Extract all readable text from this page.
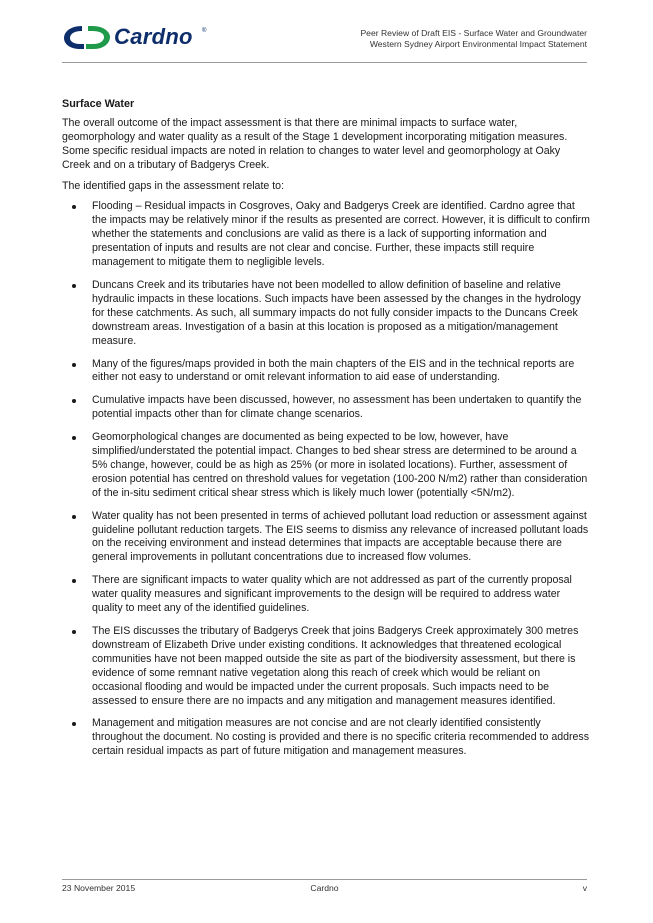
Cardno ®	Peer Review of Draft EIS - Surface Water and Groundwater
Western Sydney Airport Environmental Impact Statement
Surface Water

The overall outcome of the impact assessment is that there are minimal impacts to surface water, geomorphology and water quality as a result of the Stage 1 development incorporating mitigation measures. Some specific residual impacts are noted in relation to changes to water level and geomorphology at Oaky Creek and on a tributary of Badgerys Creek.

The identified gaps in the assessment relate to:

Flooding – Residual impacts in Cosgroves, Oaky and Badgerys Creek are identified. Cardno agree that the impacts may be relatively minor if the results as presented are correct. However, it is difficult to confirm whether the statements and conclusions are valid as there is a lack of supporting information and presentation of inputs and results are not clear and concise. Further, these impacts still require management to mitigate them to negligible levels.
Duncans Creek and its tributaries have not been modelled to allow definition of baseline and relative hydraulic impacts in these locations. Such impacts have been assessed by the changes in the hydrology for these catchments. As such, all summary impacts do not fully consider impacts to the Duncans Creek downstream areas. Investigation of a basin at this location is proposed as a mitigation/management measure.
Many of the figures/maps provided in both the main chapters of the EIS and in the technical reports are either not easy to understand or omit relevant information to aid ease of understanding.
Cumulative impacts have been discussed, however, no assessment has been undertaken to quantify the potential impacts other than for climate change scenarios.
Geomorphological changes are documented as being expected to be low, however, have simplified/understated the potential impact. Changes to bed shear stress are determined to be around a 5% change, however, could be as high as 25% (or more in isolated locations). Further, assessment of erosion potential has centred on threshold values for vegetation (100-200 N/m2) rather than consideration of the in-situ sediment critical shear stress which is likely much lower (potentially <5N/m2).
Water quality has not been presented in terms of achieved pollutant load reduction or assessment against guideline pollutant reduction targets. The EIS seems to dismiss any relevance of increased pollutant loads on the receiving environment and instead determines that impacts are acceptable because there are general improvements in pollutant concentrations due to increased flow volumes.
There are significant impacts to water quality which are not addressed as part of the currently proposal water quality measures and significant improvements to the design will be required to address water quality to meet any of the identified guidelines.
The EIS discusses the tributary of Badgerys Creek that joins Badgerys Creek approximately 300 metres downstream of Elizabeth Drive under existing conditions. It acknowledges that threatened ecological communities have not been mapped outside the site as part of the biodiversity assessment, but there is evidence of some remnant native vegetation along this reach of creek which would be reliant on occasional flooding and would be impacted under the current proposals. Such impacts need to be assessed to ensure there are no impacts and any mitigation and management measures identified.
Management and mitigation measures are not concise and are not clearly identified consistently throughout the document. No costing is provided and there is no specific criteria recommended to address certain residual impacts as part of future mitigation and management measures.
23 November 2015	Cardno	v
